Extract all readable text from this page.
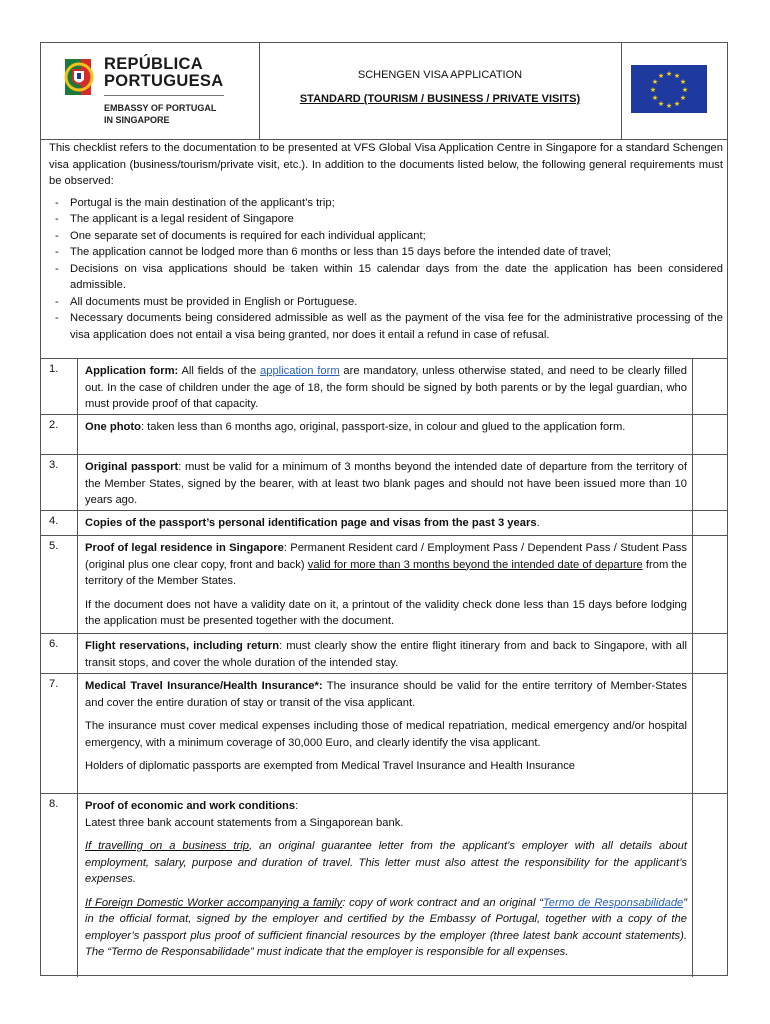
REPÚBLICA
PORTUGUESA
EMBASSY OF PORTUGAL
IN SINGAPORE
SCHENGEN VISA APPLICATION
STANDARD (TOURISM / BUSINESS / PRIVATE VISITS)
★ ★
★
★
★
★
★
★
★
★
★
★

This checklist refers to the documentation to be presented at VFS Global Visa Application Centre in Singapore for a standard Schengen visa application (business/tourism/private visit, etc.). In addition to the documents listed below, the following general requirements must be observed:

- Portugal is the main destination of the applicant’s trip;
- The applicant is a legal resident of Singapore
- One separate set of documents is required for each individual applicant;
- The application cannot be lodged more than 6 months or less than 15 days before the intended date of travel;
- Decisions on visa applications should be taken within 15 calendar days from the date the application has been considered admissible.
- All documents must be provided in English or Portuguese.
- Necessary documents being considered admissible as well as the payment of the visa fee for the administrative processing of the visa application does not entail a visa being granted, nor does it entail a refund in case of refusal.
1. Application form: All fields of the application form are mandatory, unless otherwise stated, and need to be clearly filled out. In the case of children under the age of 18, the form should be signed by both parents or by the legal guardian, who must provide proof of that capacity.
2. One photo: taken less than 6 months ago, original, passport-size, in colour and glued to the application form.
3. Original passport: must be valid for a minimum of 3 months beyond the intended date of departure from the territory of the Member States, signed by the bearer, with at least two blank pages and should not have been issued more than 10 years ago.
4. Copies of the passport’s personal identification page and visas from the past 3 years.
5. Proof of legal residence in Singapore: Permanent Resident card / Employment Pass / Dependent Pass / Student Pass (original plus one clear copy, front and back) valid for more than 3 months beyond the intended date of departure from the territory of the Member States.

If the document does not have a validity date on it, a printout of the validity check done less than 15 days before lodging the application must be presented together with the document.

6. Flight reservations, including return: must clearly show the entire flight itinerary from and back to Singapore, with all transit stops, and cover the whole duration of the intended stay.
7. Medical Travel Insurance/Health Insurance*: The insurance should be valid for the entire territory of Member-States and cover the entire duration of stay or transit of the visa applicant.

The insurance must cover medical expenses including those of medical repatriation, medical emergency and/or hospital emergency, with a minimum coverage of 30,000 Euro, and clearly identify the visa applicant.

Holders of diplomatic passports are exempted from Medical Travel Insurance and Health Insurance

8. Proof of economic and work conditions:
Latest three bank account statements from a Singaporean bank.

If travelling on a business trip, an original guarantee letter from the applicant’s employer with all details about employment, salary, purpose and duration of travel. This letter must also attest the responsibility for the applicant’s expenses.

If Foreign Domestic Worker accompanying a family: copy of work contract and an original “Termo de Responsabilidade” in the official format, signed by the employer and certified by the Embassy of Portugal, together with a copy of the employer’s passport plus proof of sufficient financial resources by the employer (three latest bank account statements). The “Termo de Responsabilidade” must indicate that the employer is responsible for all expenses.
